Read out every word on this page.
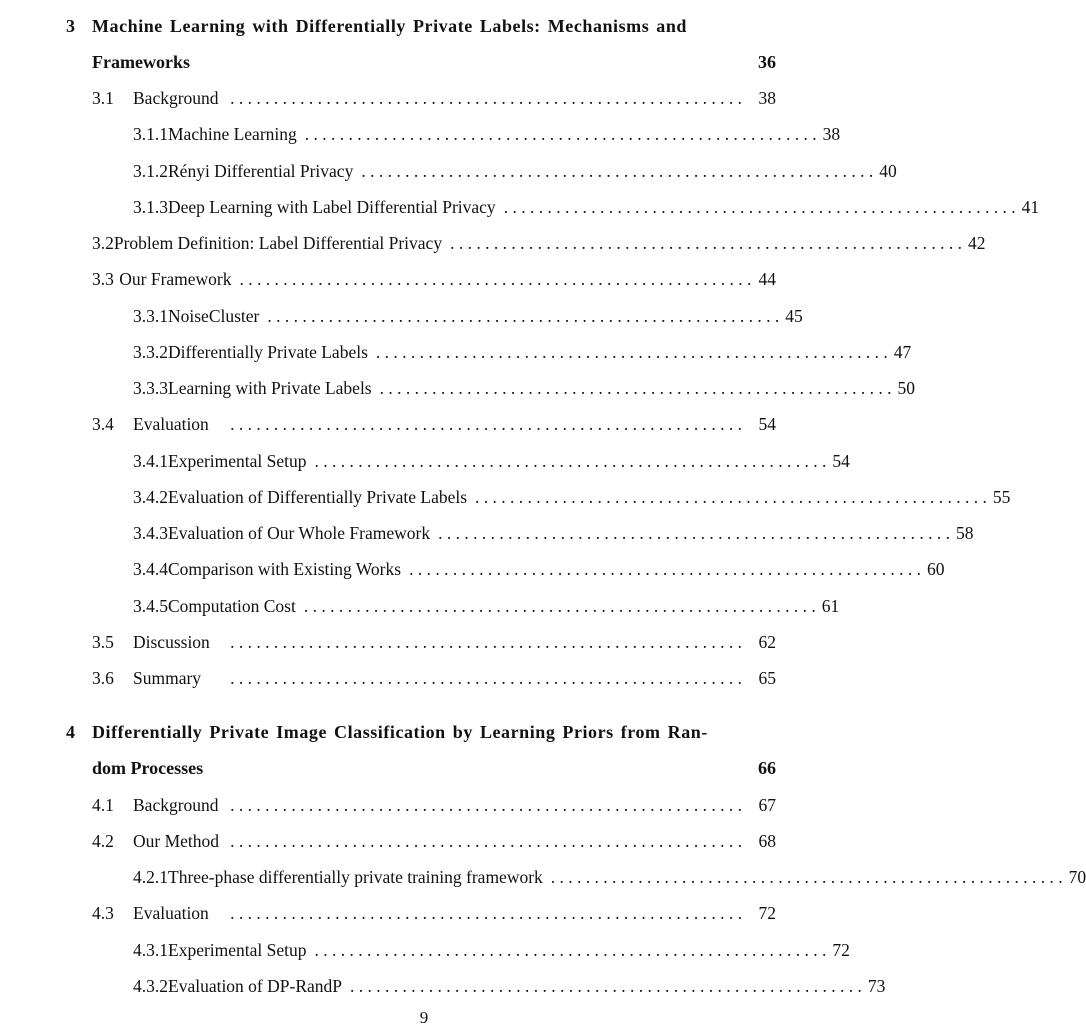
3 Machine Learning with Differentially Private Labels: Mechanisms and
Frameworks	36
3.1	Background . . . . . . . . . . . . . . . . . . . . . . . . . . . . . . . . . . . . . . . . . . . . . . . . . . . . . . . . . . . 38
3.1.1 Machine Learning . . . . . . . . . . . . . . . . . . . . . . . . . . . . . . . . . . . . . . . . . . . . . . . . . . . . . . . . . . . 38
3.1.2 Rényi Differential Privacy . . . . . . . . . . . . . . . . . . . . . . . . . . . . . . . . . . . . . . . . . . . . . . . . . . . . . . . . . . . 40
3.1.3 Deep Learning with Label Differential Privacy . . . . . . . . . . . . . . . . . . . . . . . . . . . . . . . . . . . . . . . . . . . . . . . . . . . . . . . . . . . 41
3.2 Problem Definition: Label Differential Privacy . . . . . . . . . . . . . . . . . . . . . . . . . . . . . . . . . . . . . . . . . . . . . . . . . . . . . . . . . . . 42
3.3 Our Framework . . . . . . . . . . . . . . . . . . . . . . . . . . . . . . . . . . . . . . . . . . . . . . . . . . . . . . . . . . . 44
3.3.1 NoiseCluster . . . . . . . . . . . . . . . . . . . . . . . . . . . . . . . . . . . . . . . . . . . . . . . . . . . . . . . . . . . 45
3.3.2 Differentially Private Labels . . . . . . . . . . . . . . . . . . . . . . . . . . . . . . . . . . . . . . . . . . . . . . . . . . . . . . . . . . . 47
3.3.3 Learning with Private Labels . . . . . . . . . . . . . . . . . . . . . . . . . . . . . . . . . . . . . . . . . . . . . . . . . . . . . . . . . . . 50
3.4	Evaluation	. . . . . . . . . . . . . . . . . . . . . . . . . . . . . . . . . . . . . . . . . . . . . . . . . . . . . . . . . . . 54
3.4.1 Experimental Setup . . . . . . . . . . . . . . . . . . . . . . . . . . . . . . . . . . . . . . . . . . . . . . . . . . . . . . . . . . . 54
3.4.2 Evaluation of Differentially Private Labels . . . . . . . . . . . . . . . . . . . . . . . . . . . . . . . . . . . . . . . . . . . . . . . . . . . . . . . . . . . 55
3.4.3 Evaluation of Our Whole Framework . . . . . . . . . . . . . . . . . . . . . . . . . . . . . . . . . . . . . . . . . . . . . . . . . . . . . . . . . . . 58
3.4.4 Comparison with Existing Works . . . . . . . . . . . . . . . . . . . . . . . . . . . . . . . . . . . . . . . . . . . . . . . . . . . . . . . . . . . 60
3.4.5 Computation Cost . . . . . . . . . . . . . . . . . . . . . . . . . . . . . . . . . . . . . . . . . . . . . . . . . . . . . . . . . . . 61
3.5	Discussion	. . . . . . . . . . . . . . . . . . . . . . . . . . . . . . . . . . . . . . . . . . . . . . . . . . . . . . . . . . . 62
3.6	Summary	. . . . . . . . . . . . . . . . . . . . . . . . . . . . . . . . . . . . . . . . . . . . . . . . . . . . . . . . . . . 65
4 Differentially Private Image Classification by Learning Priors from Ran-
dom Processes	66
4.1	Background . . . . . . . . . . . . . . . . . . . . . . . . . . . . . . . . . . . . . . . . . . . . . . . . . . . . . . . . . . . 67
4.2	Our Method . . . . . . . . . . . . . . . . . . . . . . . . . . . . . . . . . . . . . . . . . . . . . . . . . . . . . . . . . . . 68
4.2.1 Three-phase differentially private training framework . . . . . . . . . . . . . . . . . . . . . . . . . . . . . . . . . . . . . . . . . . . . . . . . . . . . . . . . . . . 70
4.3	Evaluation	. . . . . . . . . . . . . . . . . . . . . . . . . . . . . . . . . . . . . . . . . . . . . . . . . . . . . . . . . . . 72
4.3.1 Experimental Setup . . . . . . . . . . . . . . . . . . . . . . . . . . . . . . . . . . . . . . . . . . . . . . . . . . . . . . . . . . . 72
4.3.2 Evaluation of DP-RandP . . . . . . . . . . . . . . . . . . . . . . . . . . . . . . . . . . . . . . . . . . . . . . . . . . . . . . . . . . . 73
9
